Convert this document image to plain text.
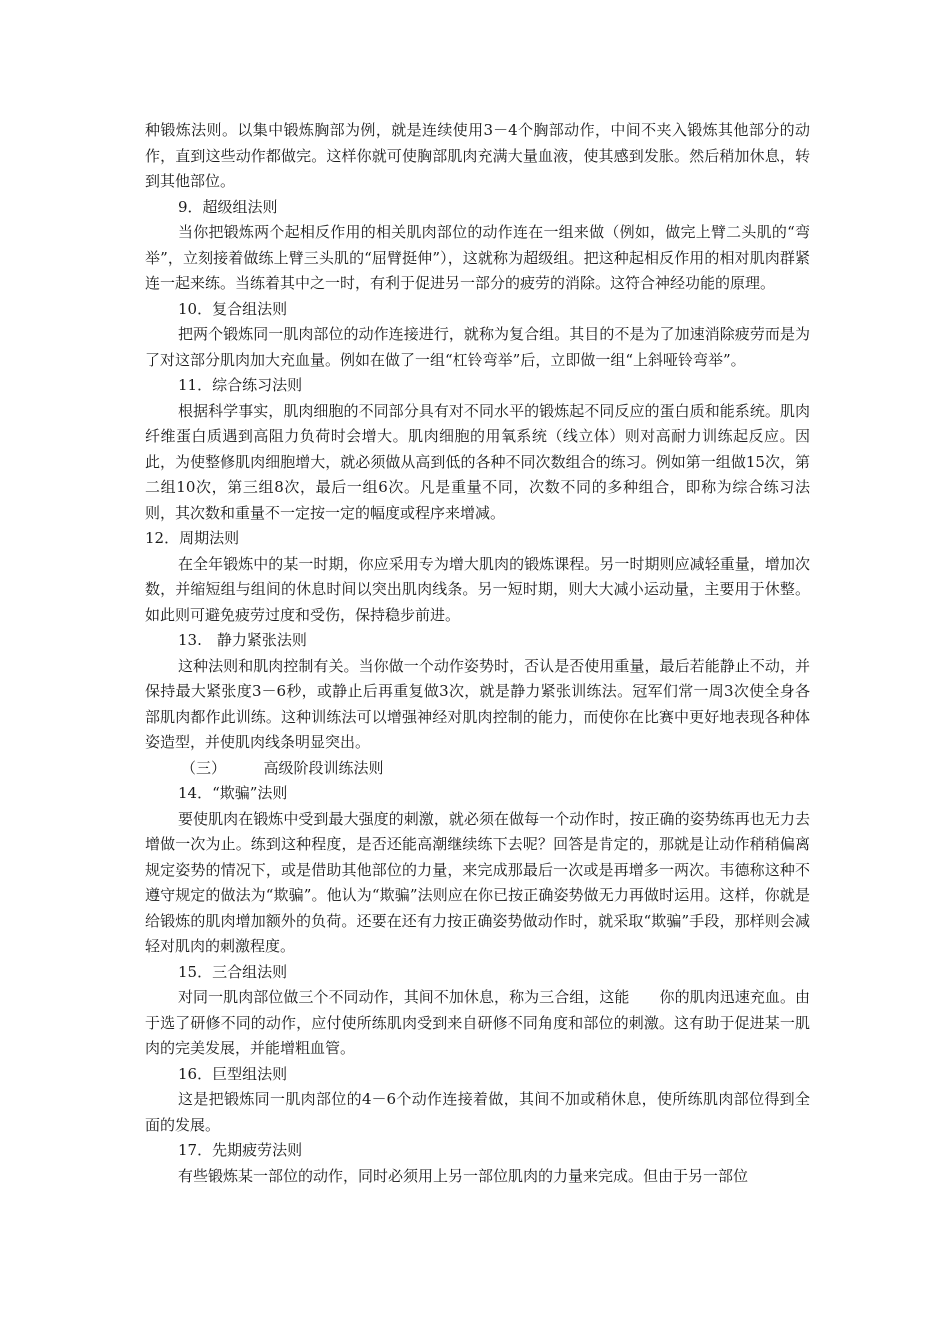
种锻炼法则。以集中锻炼胸部为例，就是连续使用3－4个胸部动作，中间不夹入锻炼其他部分的动作，直到这些动作都做完。这样你就可使胸部肌肉充满大量血液，使其感到发胀。然后稍加休息，转到其他部位。

9．超级组法则

当你把锻炼两个起相反作用的相关肌肉部位的动作连在一组来做（例如，做完上臂二头肌的“弯举”，立刻接着做练上臂三头肌的“屈臂挺伸”），这就称为超级组。把这种起相反作用的相对肌肉群紧连一起来练。当练着其中之一时，有利于促进另一部分的疲劳的消除。这符合神经功能的原理。

10．复合组法则

把两个锻炼同一肌肉部位的动作连接进行，就称为复合组。其目的不是为了加速消除疲劳而是为了对这部分肌肉加大充血量。例如在做了一组“杠铃弯举”后，立即做一组“上斜哑铃弯举”。

11．综合练习法则

根据科学事实，肌肉细胞的不同部分具有对不同水平的锻炼起不同反应的蛋白质和能系统。肌肉纤维蛋白质遇到高阻力负荷时会增大。肌肉细胞的用氧系统（线立体）则对高耐力训练起反应。因此，为使整修肌肉细胞增大，就必须做从高到低的各种不同次数组合的练习。例如第一组做15次，第二组10次，第三组8次，最后一组6次。凡是重量不同，次数不同的多种组合，即称为综合练习法则，其次数和重量不一定按一定的幅度或程序来增减。

12．周期法则

在全年锻炼中的某一时期，你应采用专为增大肌肉的锻炼课程。另一时期则应减轻重量，增加次数，并缩短组与组间的休息时间以突出肌肉线条。另一短时期，则大大减小运动量，主要用于休整。如此则可避免疲劳过度和受伤，保持稳步前进。

13.　静力紧张法则

这种法则和肌肉控制有关。当你做一个动作姿势时，否认是否使用重量，最后若能静止不动，并保持最大紧张度3－6秒，或静止后再重复做3次，就是静力紧张训练法。冠军们常一周3次使全身各部肌肉都作此训练。这种训练法可以增强神经对肌肉控制的能力，而使你在比赛中更好地表现各种体姿造型，并使肌肉线条明显突出。

（三）　　　高级阶段训练法则

14．“欺骗”法则

要使肌肉在锻炼中受到最大强度的刺激，就必须在做每一个动作时，按正确的姿势练再也无力去增做一次为止。练到这种程度，是否还能高潮继续练下去呢？回答是肯定的，那就是让动作稍稍偏离规定姿势的情况下，或是借助其他部位的力量，来完成那最后一次或是再增多一两次。韦德称这种不遵守规定的做法为“欺骗”。他认为“欺骗”法则应在你已按正确姿势做无力再做时运用。这样，你就是给锻炼的肌肉增加额外的负荷。还要在还有力按正确姿势做动作时，就采取“欺骗”手段，那样则会减轻对肌肉的刺激程度。

15．三合组法则

对同一肌肉部位做三个不同动作，其间不加休息，称为三合组，这能　　你的肌肉迅速充血。由于选了研修不同的动作，应付使所练肌肉受到来自研修不同角度和部位的刺激。这有助于促进某一肌肉的完美发展，并能增粗血管。

16．巨型组法则

这是把锻炼同一肌肉部位的4－6个动作连接着做，其间不加或稍休息，使所练肌肉部位得到全面的发展。

17．先期疲劳法则

有些锻炼某一部位的动作，同时必须用上另一部位肌肉的力量来完成。但由于另一部位
